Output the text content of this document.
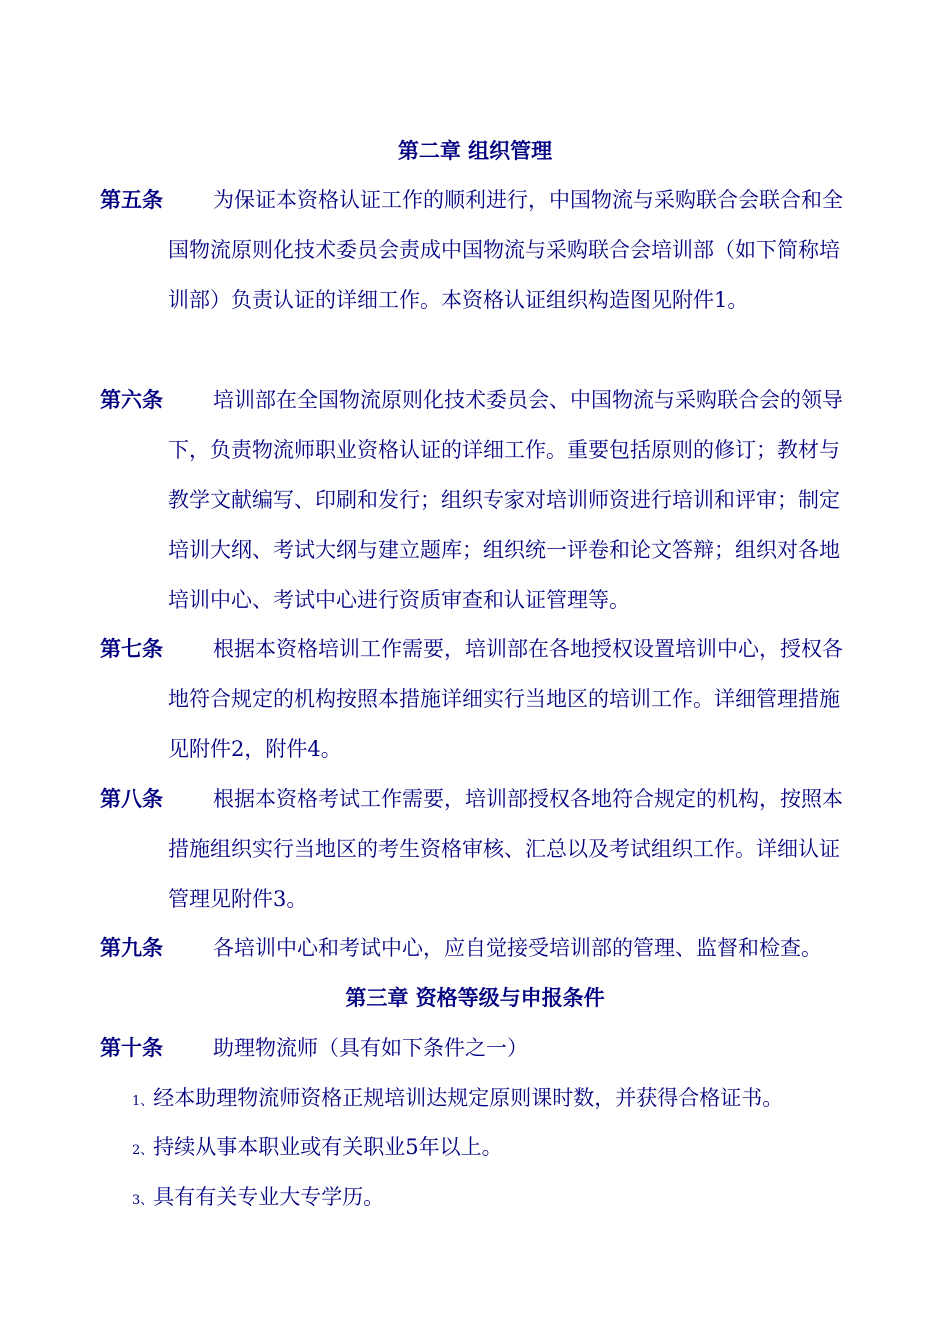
第二章 组织管理
第五条	为保证本资格认证工作的顺利进行，中国物流与采购联合会联合和全国物流原则化技术委员会责成中国物流与采购联合会培训部（如下简称培训部）负责认证的详细工作。本资格认证组织构造图见附件1。
第六条	培训部在全国物流原则化技术委员会、中国物流与采购联合会的领导下，负责物流师职业资格认证的详细工作。重要包括原则的修订；教材与教学文献编写、印刷和发行；组织专家对培训师资进行培训和评审；制定培训大纲、考试大纲与建立题库；组织统一评卷和论文答辩；组织对各地培训中心、考试中心进行资质审查和认证管理等。
第七条	根据本资格培训工作需要，培训部在各地授权设置培训中心，授权各地符合规定的机构按照本措施详细实行当地区的培训工作。详细管理措施见附件2，附件4。
第八条	根据本资格考试工作需要，培训部授权各地符合规定的机构，按照本措施组织实行当地区的考生资格审核、汇总以及考试组织工作。详细认证管理见附件3。
第九条	各培训中心和考试中心，应自觉接受培训部的管理、监督和检查。
第三章 资格等级与申报条件
第十条	助理物流师（具有如下条件之一）
1、经本助理物流师资格正规培训达规定原则课时数，并获得合格证书。
2、持续从事本职业或有关职业5年以上。
3、具有有关专业大专学历。
